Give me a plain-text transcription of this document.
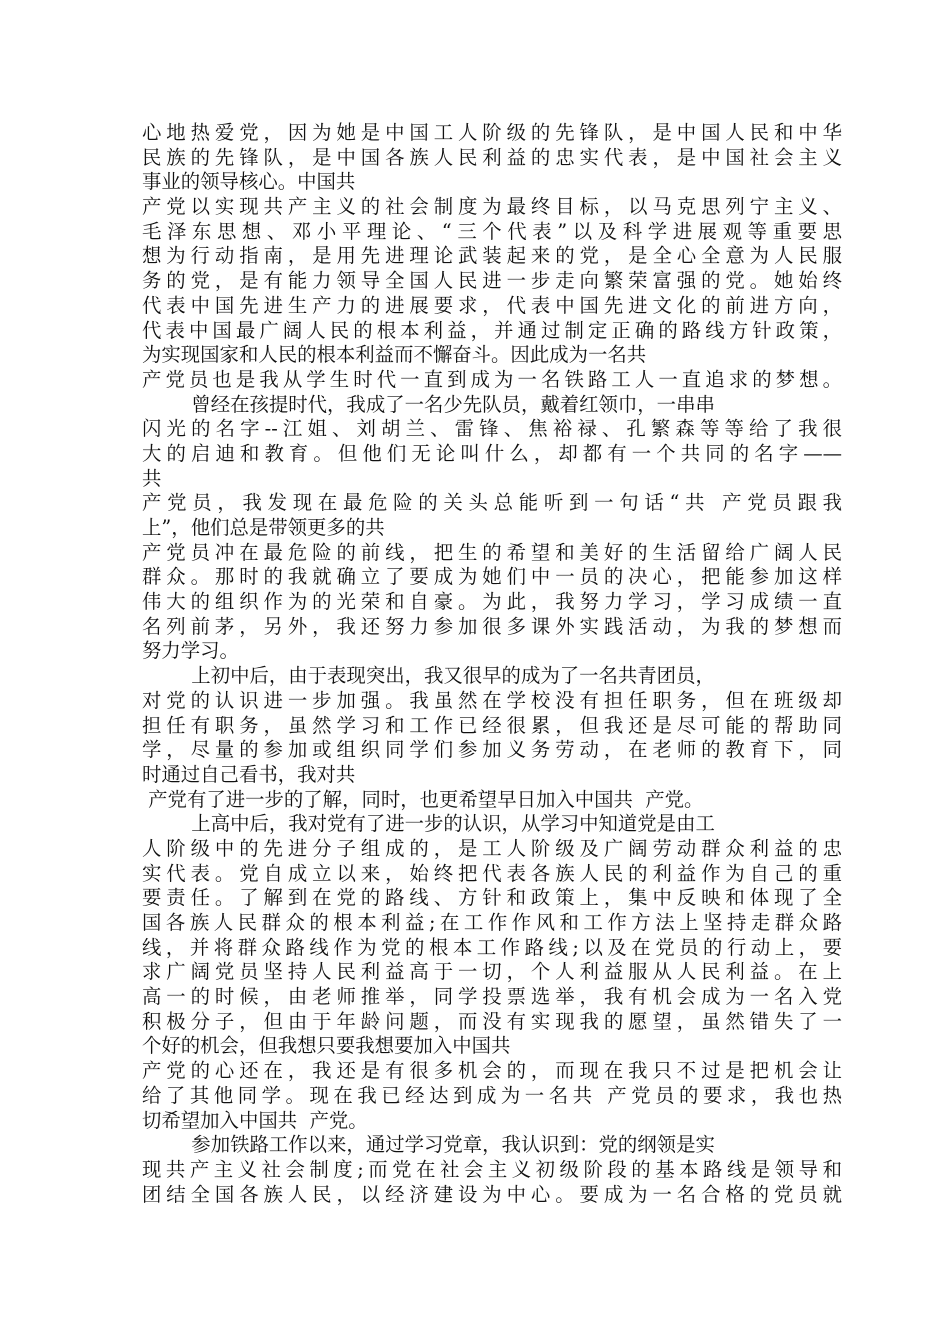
心地热爱党，因为她是中国工人阶级的先锋队，是中国人民和中华
民族的先锋队，是中国各族人民利益的忠实代表，是中国社会主义
事业的领导核心。中国共
产党以实现共产主义的社会制度为最终目标，以马克思列宁主义、
毛泽东思想、邓小平理论、“三个代表”以及科学进展观等重要思
想为行动指南，是用先进理论武装起来的党，是全心全意为人民服
务的党，是有能力领导全国人民进一步走向繁荣富强的党。她始终
代表中国先进生产力的进展要求，代表中国先进文化的前进方向，
代表中国最广阔人民的根本利益，并通过制定正确的路线方针政策，
为实现国家和人民的根本利益而不懈奋斗。因此成为一名共
产党员也是我从学生时代一直到成为一名铁路工人一直追求的梦想。
曾经在孩提时代，我成了一名少先队员，戴着红领巾，一串串
闪光的名字--江姐、刘胡兰、雷锋、焦裕禄、孔繁森等等给了我很
大的启迪和教育。但他们无论叫什么，却都有一个共同的名字——
共
产党员，我发现在最危险的关头总能听到一句话“共 产党员跟我
上”，他们总是带领更多的共
产党员冲在最危险的前线，把生的希望和美好的生活留给广阔人民
群众。那时的我就确立了要成为她们中一员的决心，把能参加这样
伟大的组织作为的光荣和自豪。为此，我努力学习，学习成绩一直
名列前茅，另外，我还努力参加很多课外实践活动，为我的梦想而
努力学习。
上初中后，由于表现突出，我又很早的成为了一名共青团员，
对党的认识进一步加强。我虽然在学校没有担任职务，但在班级却
担任有职务，虽然学习和工作已经很累，但我还是尽可能的帮助同
学，尽量的参加或组织同学们参加义务劳动，在老师的教育下，同
时通过自己看书，我对共
产党有了进一步的了解，同时，也更希望早日加入中国共  产党。
上高中后，我对党有了进一步的认识，从学习中知道党是由工
人阶级中的先进分子组成的，是工人阶级及广阔劳动群众利益的忠
实代表。党自成立以来，始终把代表各族人民的利益作为自己的重
要责任。了解到在党的路线、方针和政策上，集中反映和体现了全
国各族人民群众的根本利益;在工作作风和工作方法上坚持走群众路
线，并将群众路线作为党的根本工作路线;以及在党员的行动上，要
求广阔党员坚持人民利益高于一切，个人利益服从人民利益。在上
高一的时候，由老师推举，同学投票选举，我有机会成为一名入党
积极分子，但由于年龄问题，而没有实现我的愿望，虽然错失了一
个好的机会，但我想只要我想要加入中国共
产党的心还在，我还是有很多机会的，而现在我只不过是把机会让
给了其他同学。现在我已经达到成为一名共 产党员的要求，我也热
切希望加入中国共  产党。
参加铁路工作以来，通过学习党章，我认识到：党的纲领是实
现共产主义社会制度;而党在社会主义初级阶段的基本路线是领导和
团结全国各族人民，以经济建设为中心。要成为一名合格的党员就
